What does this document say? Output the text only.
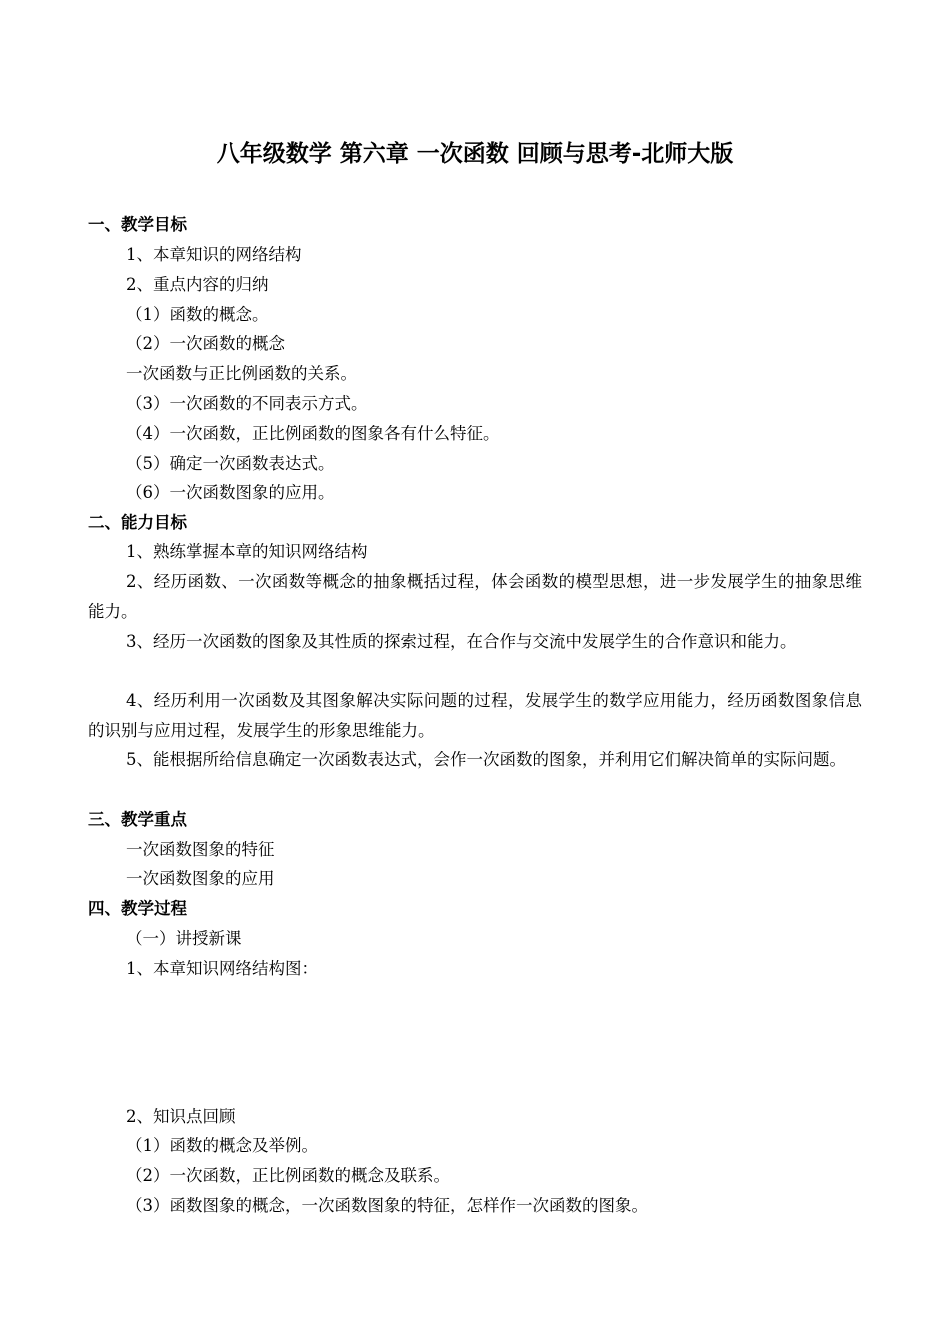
八年级数学 第六章 一次函数 回顾与思考-北师大版
一、教学目标
1、本章知识的网络结构
2、重点内容的归纳
（1）函数的概念。
（2）一次函数的概念
一次函数与正比例函数的关系。
（3）一次函数的不同表示方式。
（4）一次函数，正比例函数的图象各有什么特征。
（5）确定一次函数表达式。
（6）一次函数图象的应用。
二、能力目标
1、熟练掌握本章的知识网络结构
2、经历函数、一次函数等概念的抽象概括过程，体会函数的模型思想，进一步发展学生的抽象思维能力。
3、经历一次函数的图象及其性质的探索过程，在合作与交流中发展学生的合作意识和能力。
4、经历利用一次函数及其图象解决实际问题的过程，发展学生的数学应用能力，经历函数图象信息的识别与应用过程，发展学生的形象思维能力。
5、能根据所给信息确定一次函数表达式，会作一次函数的图象，并利用它们解决简单的实际问题。
三、教学重点
一次函数图象的特征
一次函数图象的应用
四、教学过程
（一）讲授新课
1、本章知识网络结构图：
2、知识点回顾
（1）函数的概念及举例。
（2）一次函数，正比例函数的概念及联系。
（3）函数图象的概念，一次函数图象的特征，怎样作一次函数的图象。
